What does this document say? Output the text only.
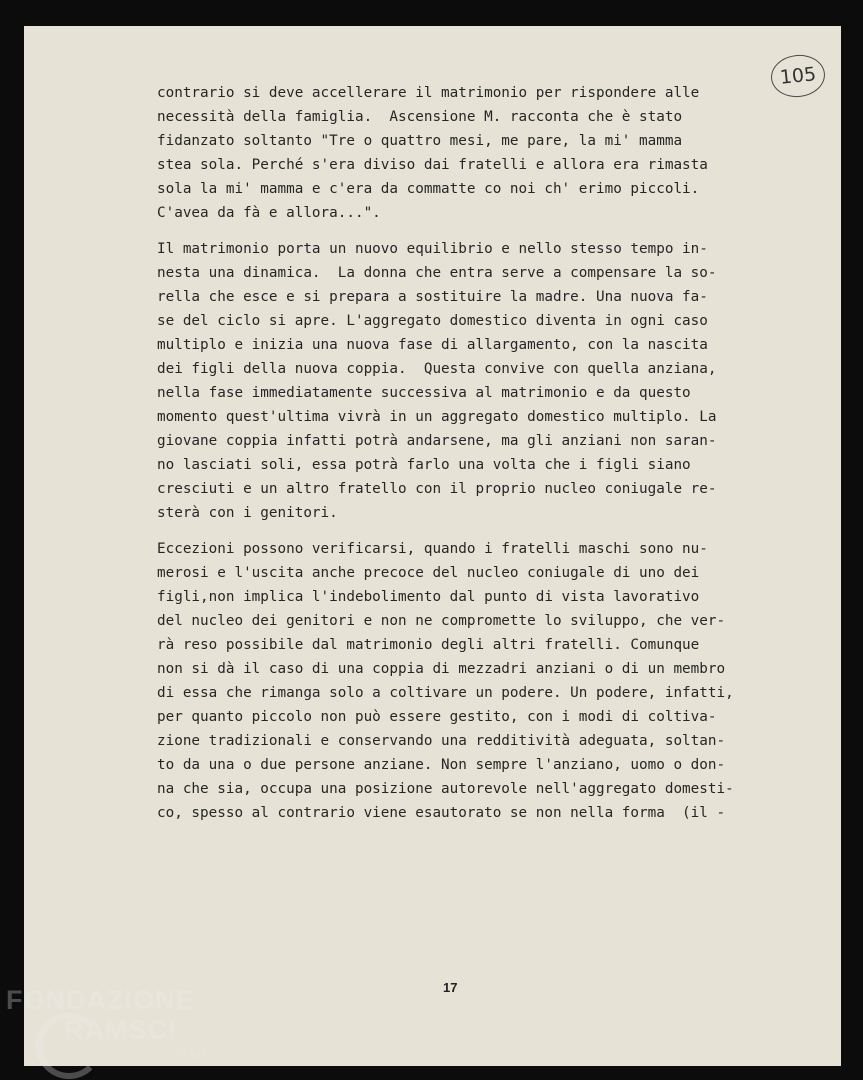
105

contrario si deve accellerare il matrimonio per rispondere alle

necessità della famiglia.  Ascensione M. racconta che è stato

fidanzato soltanto "Tre o quattro mesi, me pare, la mi' mamma

stea sola. Perché s'era diviso dai fratelli e allora era rimasta

sola la mi' mamma e c'era da commatte co noi ch' erimo piccoli.

C'avea da fà e allora...".

Il matrimonio porta un nuovo equilibrio e nello stesso tempo in-

nesta una dinamica.  La donna che entra serve a compensare la so-

rella che esce e si prepara a sostituire la madre. Una nuova fa-

se del ciclo si apre. L'aggregato domestico diventa in ogni caso

multiplo e inizia una nuova fase di allargamento, con la nascita

dei figli della nuova coppia.  Questa convive con quella anziana,

nella fase immediatamente successiva al matrimonio e da questo

momento quest'ultima vivrà in un aggregato domestico multiplo. La

giovane coppia infatti potrà andarsene, ma gli anziani non saran-

no lasciati soli, essa potrà farlo una volta che i figli siano

cresciuti e un altro fratello con il proprio nucleo coniugale re-

sterà con i genitori.

Eccezioni possono verificarsi, quando i fratelli maschi sono nu-

merosi e l'uscita anche precoce del nucleo coniugale di uno dei

figli,non implica l'indebolimento dal punto di vista lavorativo

del nucleo dei genitori e non ne compromette lo sviluppo, che ver-

rà reso possibile dal matrimonio degli altri fratelli. Comunque

non si dà il caso di una coppia di mezzadri anziani o di un membro

di essa che rimanga solo a coltivare un podere. Un podere, infatti,

per quanto piccolo non può essere gestito, con i modi di coltiva-

zione tradizionali e conservando una redditività adeguata, soltan-

to da una o due persone anziane. Non sempre l'anziano, uomo o don-

na che sia, occupa una posizione autorevole nell'aggregato domesti-

co, spesso al contrario viene esautorato se non nella forma  (il -

17
FONDAZIONE
RAMSCI
onlus
